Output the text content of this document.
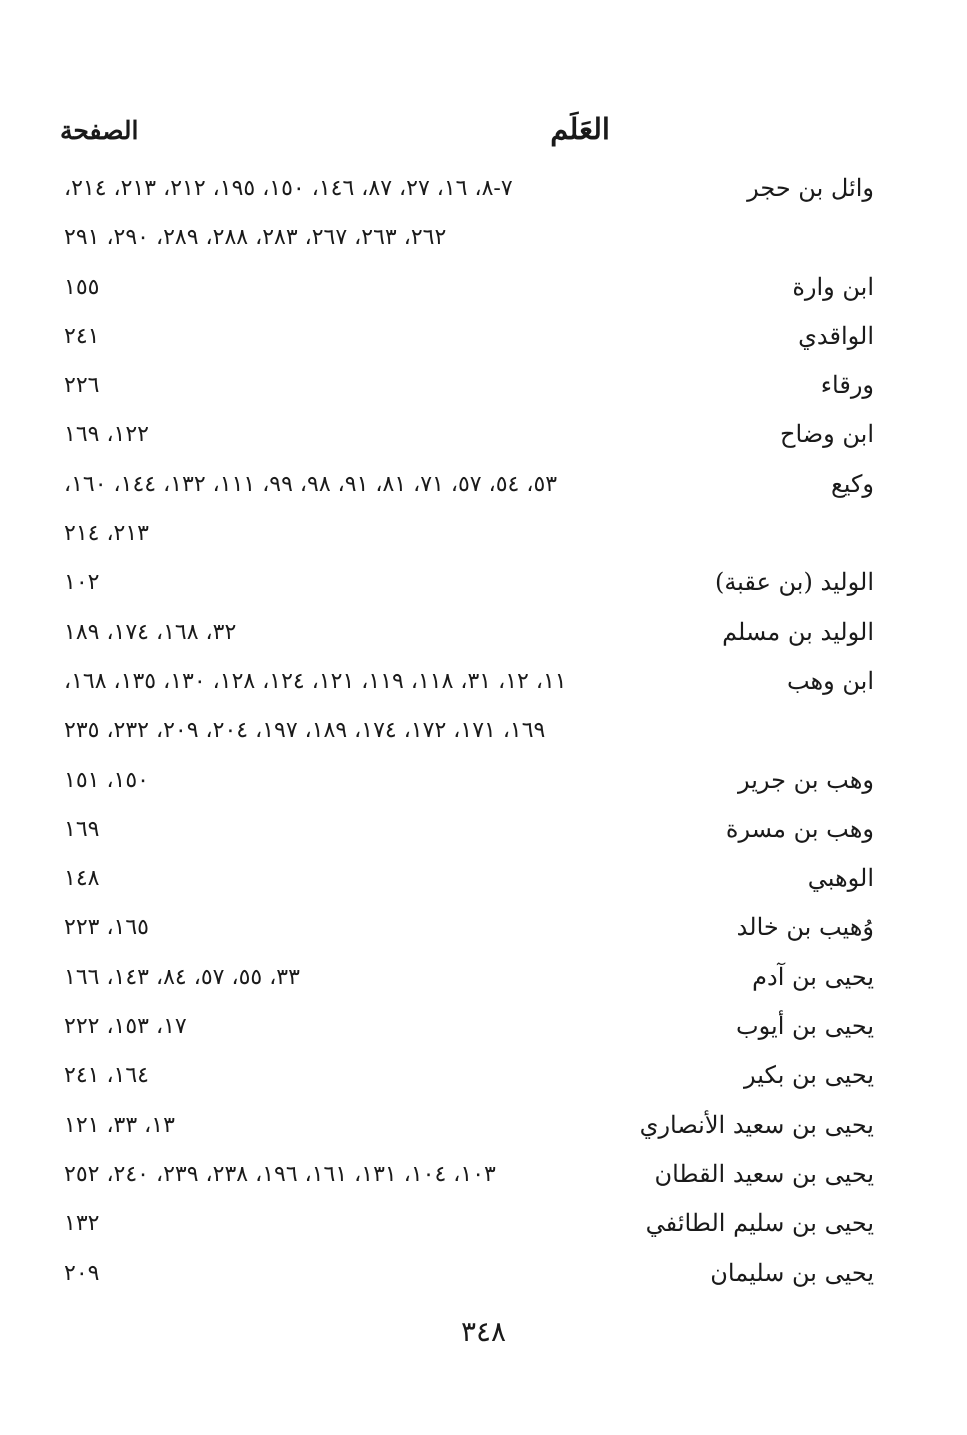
العَلَم
الصفحة
وائل بن حجر
٧-٨، ١٦، ٢٧، ٨٧، ١٤٦، ١٥٠، ١٩٥، ٢١٢، ٢١٣، ٢١٤،
٢٦٢، ٢٦٣، ٢٦٧، ٢٨٣، ٢٨٨، ٢٨٩، ٢٩٠، ٢٩١
ابن وارة
١٥٥
الواقدي
٢٤١
ورقاء
٢٢٦
ابن وضاح
١٢٢، ١٦٩
وكيع
٥٣، ٥٤، ٥٧، ٧١، ٨١، ٩١، ٩٨، ٩٩، ١١١، ١٣٢، ١٤٤، ١٦٠،
٢١٣، ٢١٤
الوليد (بن عقبة)
١٠٢
الوليد بن مسلم
٣٢، ١٦٨، ١٧٤، ١٨٩
ابن وهب
١١، ١٢، ٣١، ١١٨، ١١٩، ١٢١، ١٢٤، ١٢٨، ١٣٠، ١٣٥، ١٦٨،
١٦٩، ١٧١، ١٧٢، ١٧٤، ١٨٩، ١٩٧، ٢٠٤، ٢٠٩، ٢٣٢، ٢٣٥
وهب بن جرير
١٥٠، ١٥١
وهب بن مسرة
١٦٩
الوهبي
١٤٨
وُهيب بن خالد
١٦٥، ٢٢٣
يحيى بن آدم
٣٣، ٥٥، ٥٧، ٨٤، ١٤٣، ١٦٦
يحيى بن أيوب
١٧، ١٥٣، ٢٢٢
يحيى بن بكير
١٦٤، ٢٤١
يحيى بن سعيد الأنصاري
١٣، ٣٣، ١٢١
يحيى بن سعيد القطان
١٠٣، ١٠٤، ١٣١، ١٦١، ١٩٦، ٢٣٨، ٢٣٩، ٢٤٠، ٢٥٢
يحيى بن سليم الطائفي
١٣٢
يحيى بن سليمان
٢٠٩
٣٤٨
